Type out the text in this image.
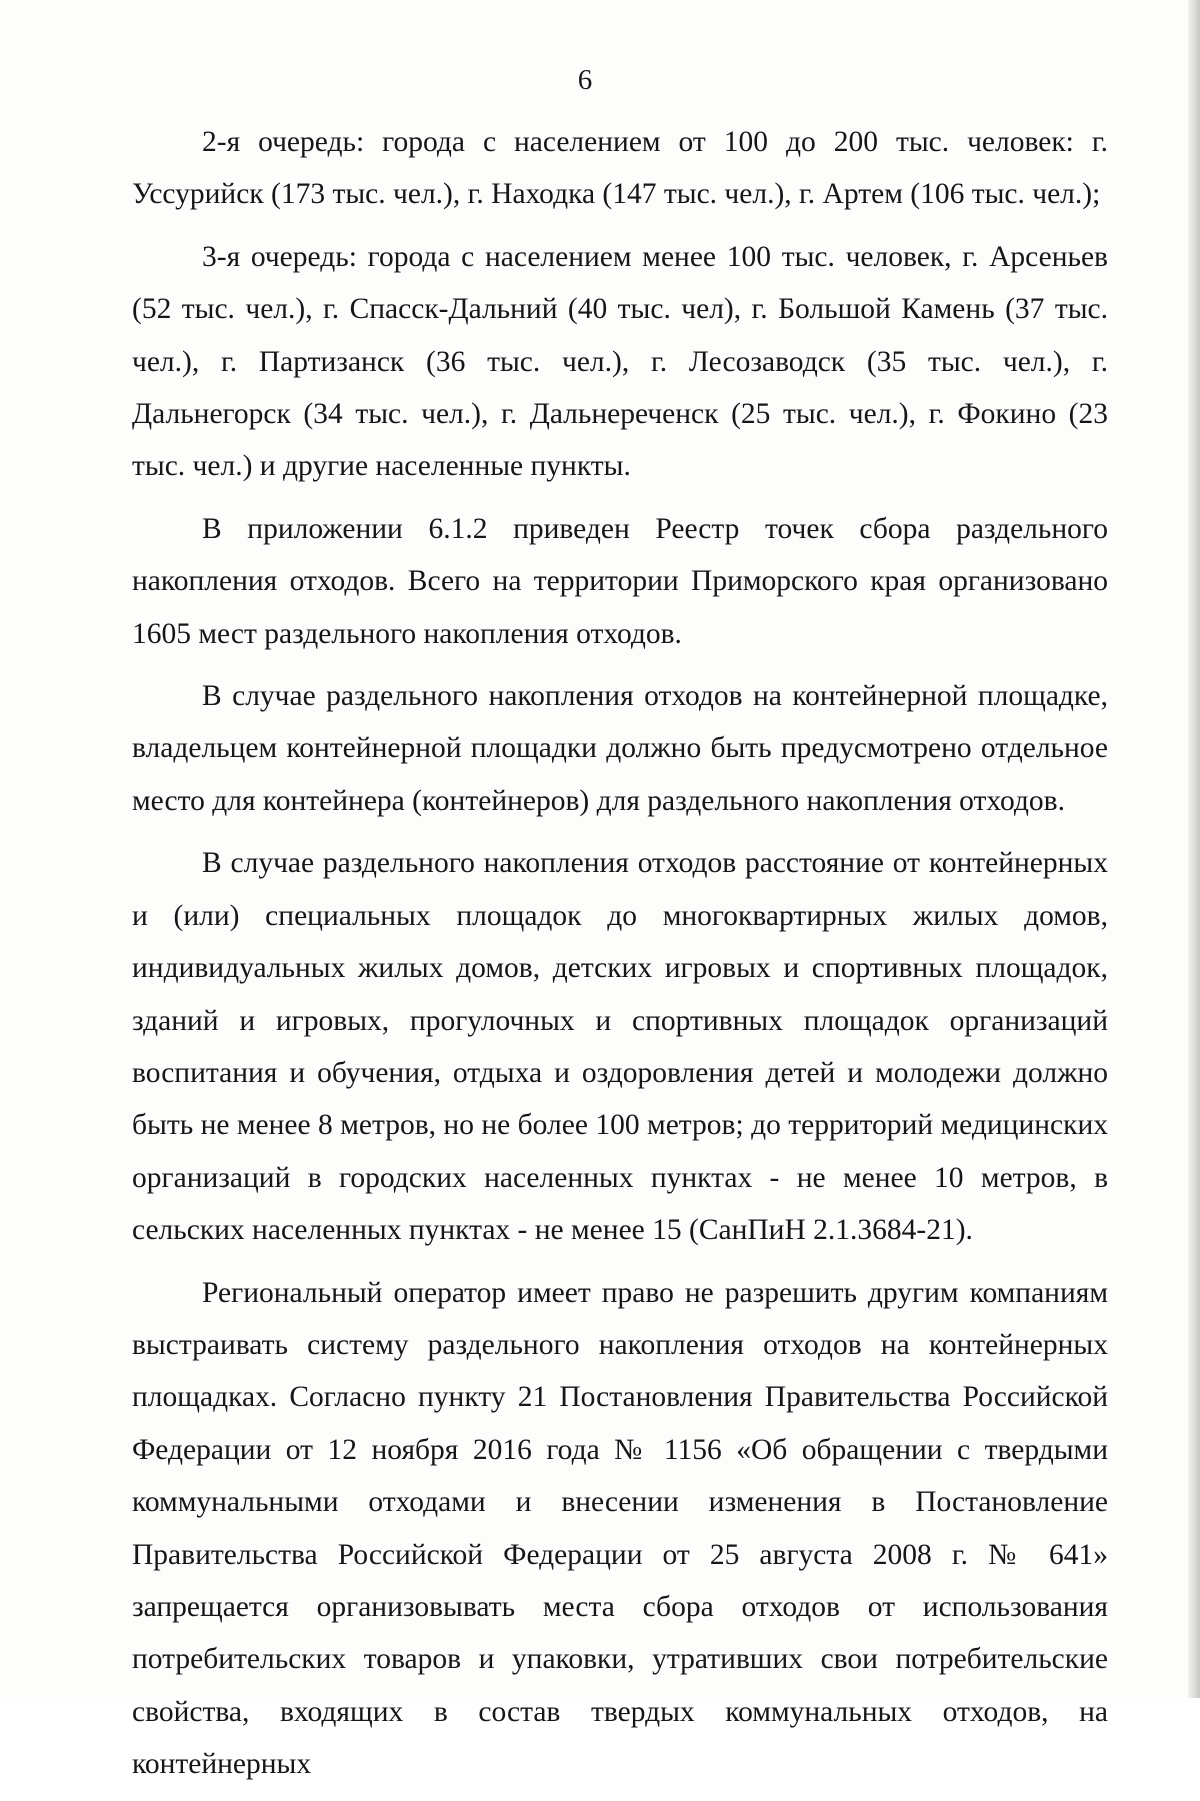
6

2-я очередь: города с населением от 100 до 200 тыс. человек: г. Уссурийск (173 тыс. чел.), г. Находка (147 тыс. чел.), г. Артем (106 тыс. чел.);

3-я очередь: города с населением менее 100 тыс. человек, г. Арсеньев (52 тыс. чел.), г. Спасск-Дальний (40 тыс. чел), г. Большой Камень (37 тыс. чел.), г. Партизанск (36 тыс. чел.), г. Лесозаводск (35 тыс. чел.), г. Дальнегорск (34 тыс. чел.), г. Дальнереченск (25 тыс. чел.), г. Фокино (23 тыс. чел.) и другие населенные пункты.

В приложении 6.1.2 приведен Реестр точек сбора раздельного накопления отходов. Всего на территории Приморского края организовано 1605 мест раздельного накопления отходов.

В случае раздельного накопления отходов на контейнерной площадке, владельцем контейнерной площадки должно быть предусмотрено отдельное место для контейнера (контейнеров) для раздельного накопления отходов.

В случае раздельного накопления отходов расстояние от контейнерных и (или) специальных площадок до многоквартирных жилых домов, индивидуальных жилых домов, детских игровых и спортивных площадок, зданий и игровых, прогулочных и спортивных площадок организаций воспитания и обучения, отдыха и оздоровления детей и молодежи должно быть не менее 8 метров, но не более 100 метров; до территорий медицинских организаций в городских населенных пунктах - не менее 10 метров, в сельских населенных пунктах - не менее 15 (СанПиН 2.1.3684-21).

Региональный оператор имеет право не разрешить другим компаниям выстраивать систему раздельного накопления отходов на контейнерных площадках. Согласно пункту 21 Постановления Правительства Российской Федерации от 12 ноября 2016 года № 1156 «Об обращении с твердыми коммунальными отходами и внесении изменения в Постановление Правительства Российской Федерации от 25 августа 2008 г. № 641» запрещается организовывать места сбора отходов от использования потребительских товаров и упаковки, утративших свои потребительские свойства, входящих в состав твердых коммунальных отходов, на контейнерных
